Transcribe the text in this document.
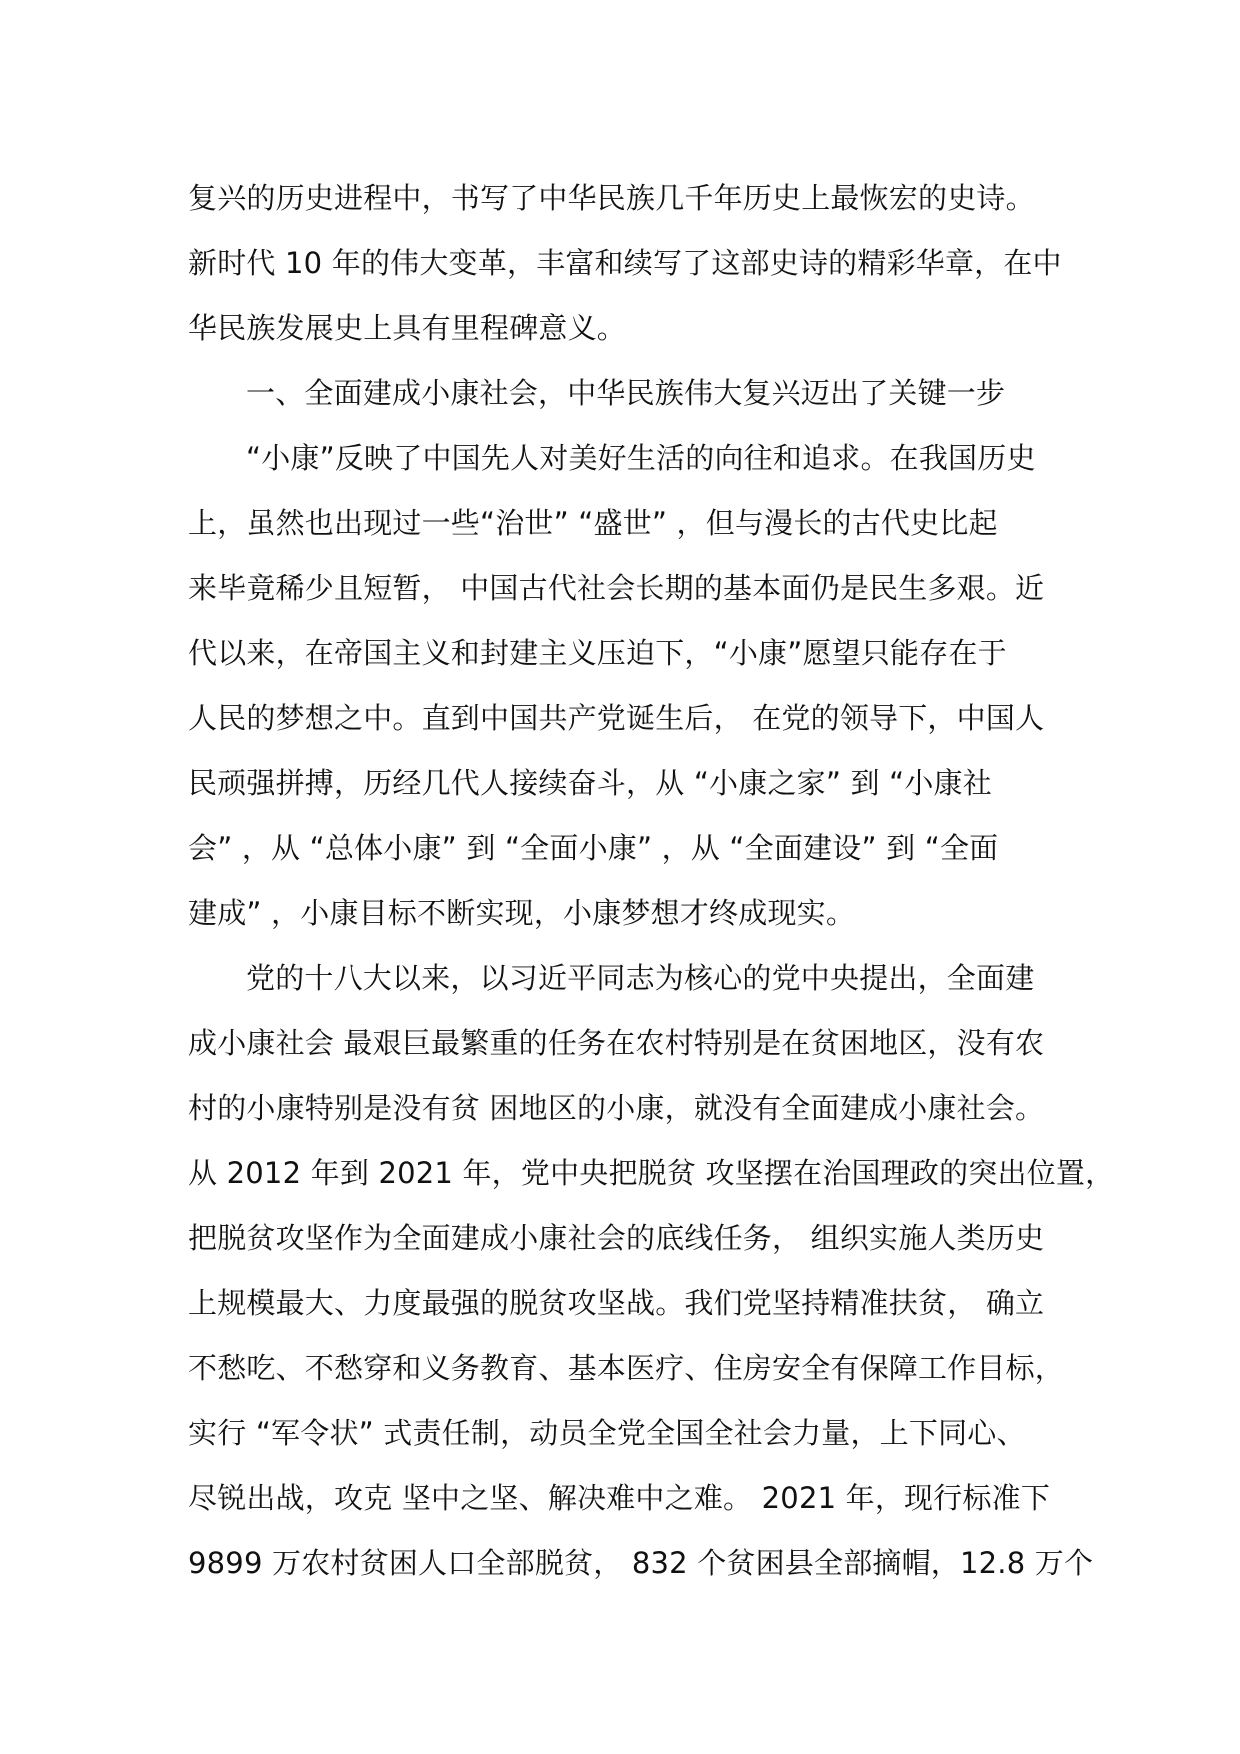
复兴的历史进程中，书写了中华民族几千年历史上最恢宏的史诗。
新时代 10 年的伟大变革，丰富和续写了这部史诗的精彩华章，在中
华民族发展史上具有里程碑意义。
一、全面建成小康社会，中华民族伟大复兴迈出了关键一步
“小康”反映了中国先人对美好生活的向往和追求。在我国历史
上，虽然也出现过一些“治世” “盛世” ，但与漫长的古代史比起
来毕竟稀少且短暂， 中国古代社会长期的基本面仍是民生多艰。近
代以来，在帝国主义和封建主义压迫下，“小康”愿望只能存在于
人民的梦想之中。直到中国共产党诞生后， 在党的领导下，中国人
民顽强拼搏，历经几代人接续奋斗，从 “小康之家” 到 “小康社
会” ，从 “总体小康” 到 “全面小康” ，从 “全面建设” 到 “全面
建成” ，小康目标不断实现，小康梦想才终成现实。
党的十八大以来，以习近平同志为核心的党中央提出，全面建
成小康社会 最艰巨最繁重的任务在农村特别是在贫困地区，没有农
村的小康特别是没有贫 困地区的小康，就没有全面建成小康社会。
从 2012 年到 2021 年，党中央把脱贫 攻坚摆在治国理政的突出位置，
把脱贫攻坚作为全面建成小康社会的底线任务， 组织实施人类历史
上规模最大、力度最强的脱贫攻坚战。我们党坚持精准扶贫， 确立
不愁吃、不愁穿和义务教育、基本医疗、住房安全有保障工作目标，
实行 “军令状” 式责任制，动员全党全国全社会力量，上下同心、
尽锐出战，攻克 坚中之坚、解决难中之难。 2021 年，现行标准下
9899 万农村贫困人口全部脱贫， 832 个贫困县全部摘帽，12.8 万个
